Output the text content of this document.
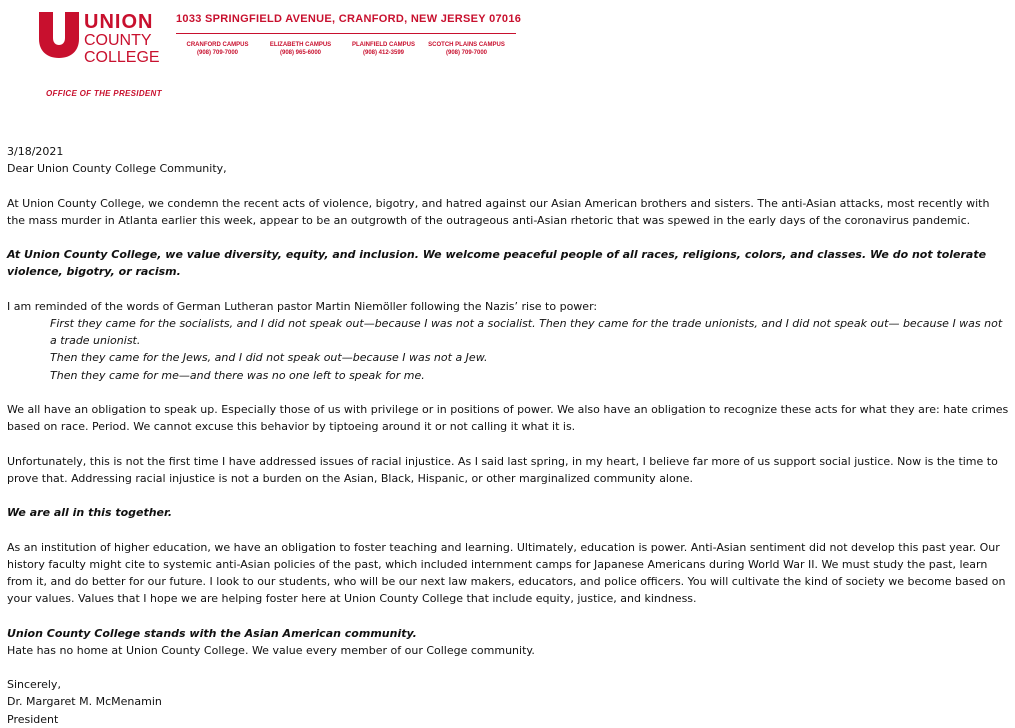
UNION
COUNTY
COLLEGE
1033 SPRINGFIELD AVENUE, CRANFORD, NEW JERSEY 07016
CRANFORD CAMPUS
(908) 709-7000
ELIZABETH CAMPUS
(908) 965-6000
PLAINFIELD CAMPUS
(908) 412-3599
SCOTCH PLAINS CAMPUS
(908) 709-7000
OFFICE OF THE PRESIDENT

3/18/2021

Dear Union County College Community,

At Union County College, we condemn the recent acts of violence, bigotry, and hatred against our Asian American brothers and sisters. The anti-Asian attacks, most recently with the mass murder in Atlanta earlier this week, appear to be an outgrowth of the outrageous anti-Asian rhetoric that was spewed in the early days of the coronavirus pandemic.

At Union County College, we value diversity, equity, and inclusion. We welcome peaceful people of all races, religions, colors, and classes. We do not tolerate violence, bigotry, or racism.

I am reminded of the words of German Lutheran pastor Martin Niemöller following the Nazis’ rise to power:

First they came for the socialists, and I did not speak out—because I was not a socialist. Then they came for the trade unionists, and I did not speak out— because I was not a trade unionist.

Then they came for the Jews, and I did not speak out—because I was not a Jew.

Then they came for me—and there was no one left to speak for me.

We all have an obligation to speak up. Especially those of us with privilege or in positions of power. We also have an obligation to recognize these acts for what they are: hate crimes based on race. Period. We cannot excuse this behavior by tiptoeing around it or not calling it what it is.

Unfortunately, this is not the first time I have addressed issues of racial injustice. As I said last spring, in my heart, I believe far more of us support social justice. Now is the time to prove that. Addressing racial injustice is not a burden on the Asian, Black, Hispanic, or other marginalized community alone.

We are all in this together.

As an institution of higher education, we have an obligation to foster teaching and learning. Ultimately, education is power. Anti-Asian sentiment did not develop this past year. Our history faculty might cite to systemic anti-Asian policies of the past, which included internment camps for Japanese Americans during World War II. We must study the past, learn from it, and do better for our future. I look to our students, who will be our next law makers, educators, and police officers. You will cultivate the kind of society we become based on your values. Values that I hope we are helping foster here at Union County College that include equity, justice, and kindness.

Union County College stands with the Asian American community.

Hate has no home at Union County College. We value every member of our College community.

Sincerely,

Dr. Margaret M. McMenamin

President
